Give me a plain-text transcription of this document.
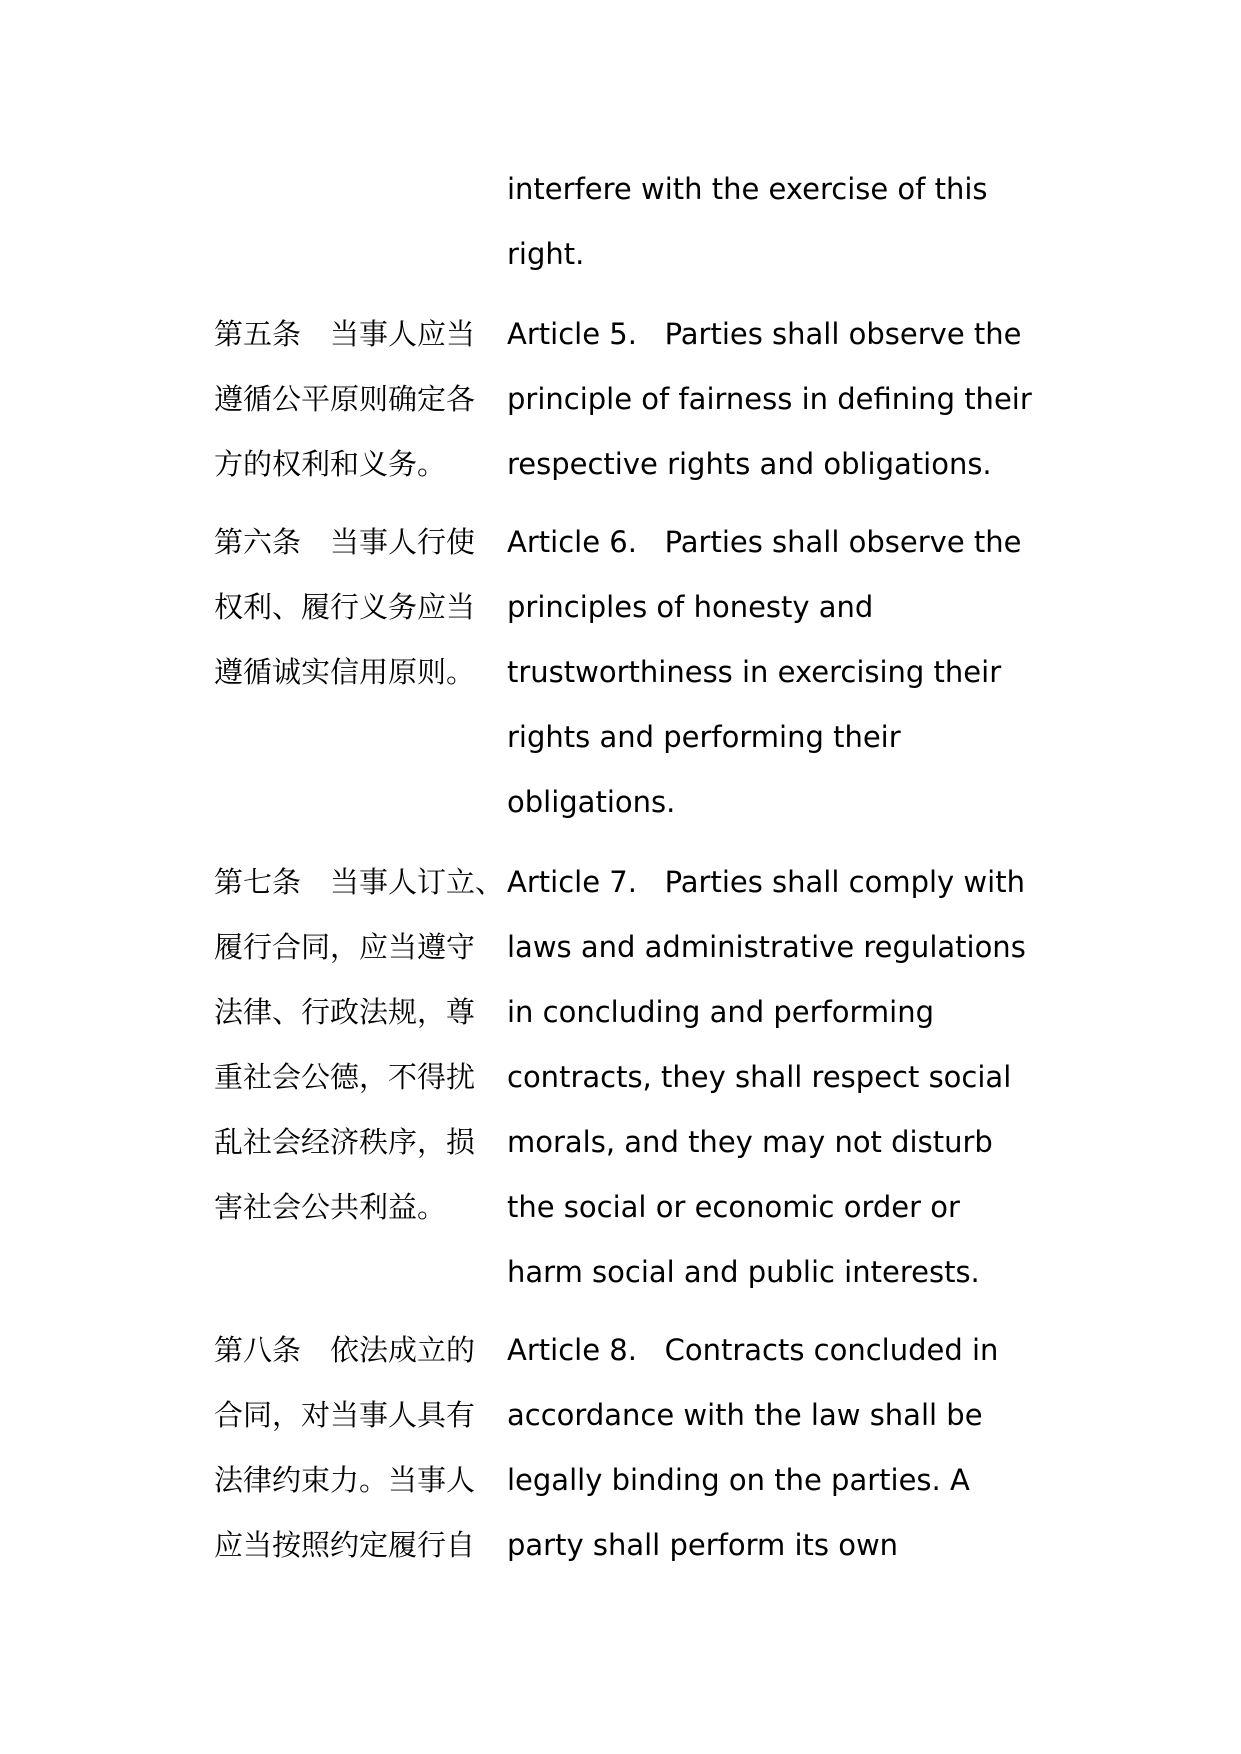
interfere with the exercise of this
right.
第五条　当事人应当
遵循公平原则确定各
方的权利和义务。
Article 5.   Parties shall observe the
principle of fairness in defining their
respective rights and obligations.
第六条　当事人行使
权利、履行义务应当
遵循诚实信用原则。
Article 6.   Parties shall observe the
principles of honesty and
trustworthiness in exercising their
rights and performing their
obligations.
第七条　当事人订立、
履行合同，应当遵守
法律、行政法规，尊
重社会公德，不得扰
乱社会经济秩序，损
害社会公共利益。
Article 7.   Parties shall comply with
laws and administrative regulations
in concluding and performing
contracts, they shall respect social
morals, and they may not disturb
the social or economic order or
harm social and public interests.
第八条　依法成立的
合同，对当事人具有
法律约束力。当事人
应当按照约定履行自
Article 8.   Contracts concluded in
accordance with the law shall be
legally binding on the parties. A
party shall perform its own
